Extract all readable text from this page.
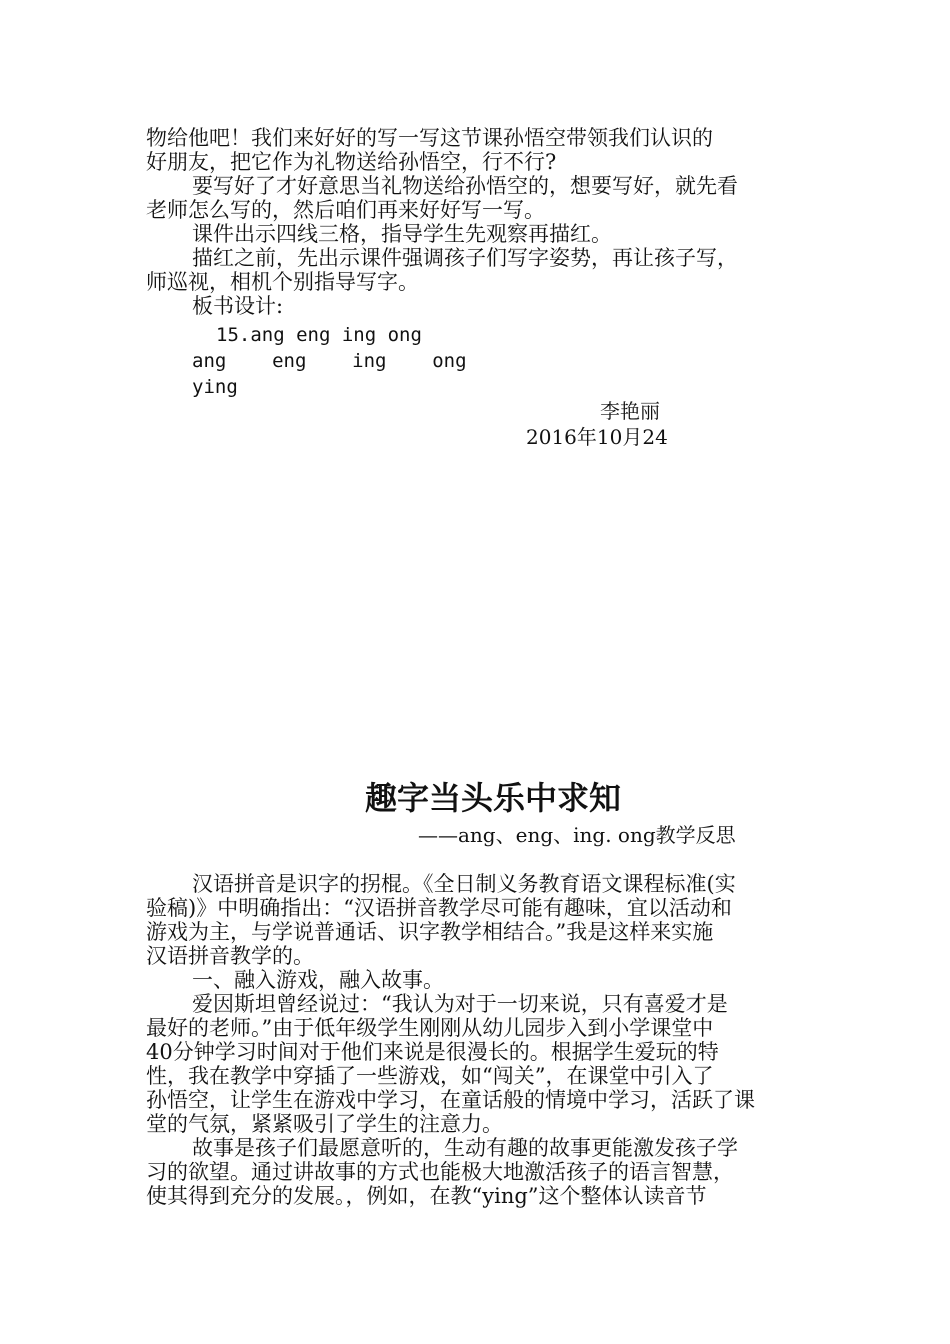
物给他吧！我们来好好的写一写这节课孙悟空带领我们认识的
好朋友，把它作为礼物送给孙悟空，行不行?
要写好了才好意思当礼物送给孙悟空的，想要写好，就先看
老师怎么写的，然后咱们再来好好写一写。
课件出示四线三格，指导学生先观察再描红。
描红之前，先出示课件强调孩子们写字姿势，再让孩子写，
师巡视，相机个别指导写字。
板书设计:
15.ang eng ing ong
ang    eng    ing    ong
ying
李艳丽
2016年10月24
趣字当头乐中求知
——ang、eng、ing. ong教学反思
汉语拼音是识字的拐棍。《全日制义务教育语文课程标准(实
验稿)》中明确指出：“汉语拼音教学尽可能有趣味，宜以活动和
游戏为主，与学说普通话、识字教学相结合。”我是这样来实施
汉语拼音教学的。
一、融入游戏，融入故事。
爱因斯坦曾经说过：“我认为对于一切来说，只有喜爱才是
最好的老师。”由于低年级学生刚刚从幼儿园步入到小学课堂中
40分钟学习时间对于他们来说是很漫长的。根据学生爱玩的特
性，我在教学中穿插了一些游戏，如“闯关”，在课堂中引入了
孙悟空，让学生在游戏中学习，在童话般的情境中学习，活跃了课
堂的气氛，紧紧吸引了学生的注意力。
故事是孩子们最愿意听的，生动有趣的故事更能激发孩子学
习的欲望。通过讲故事的方式也能极大地激活孩子的语言智慧，
使其得到充分的发展。，例如，在教“ying”这个整体认读音节
